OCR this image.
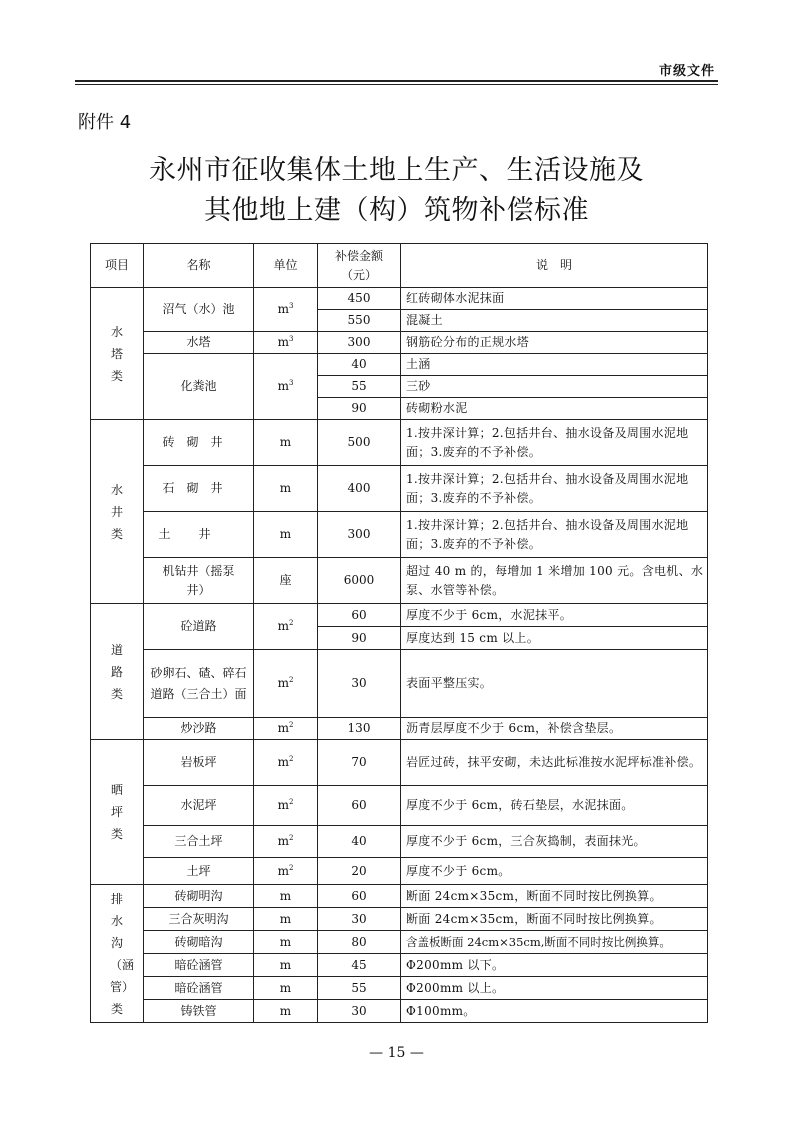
市级文件
附件 4
永州市征收集体土地上生产、生活设施及
其他地上建（构）筑物补偿标准
项目	名称	单位	补偿金额（元）	说　明
水塔类	沼气（水）池	$m^3$	450	红砖砌体水泥抹面
			550	混凝土
	水塔	$m^3$	300	钢筋砼分布的正规水塔
	化粪池	$m^3$	40	土涵
			55	三砂
			90	砖砌粉水泥
水井类	砖砌井	m	500	1.按井深计算；2.包括井台、抽水设备及周围水泥地面；3.废弃的不予补偿。
	石砌井	m	400	1.按井深计算；2.包括井台、抽水设备及周围水泥地面；3.废弃的不予补偿。
	土井	m	300	1.按井深计算；2.包括井台、抽水设备及周围水泥地面；3.废弃的不予补偿。
	机钻井（摇泵井）	座	6000	超过 40 m 的，每增加 1 米增加 100 元。含电机、水泵、水管等补偿。
道路类	砼道路	$m^2$	60	厚度不少于 6cm，水泥抹平。
			90	厚度达到 15 cm 以上。
	砂卵石、碴、碎石道路（三合土）面	$m^2$	30	表面平整压实。
	炒沙路	$m^2$	130	沥青层厚度不少于 6cm，补偿含垫层。
晒坪类	岩板坪	$m^2$	70	岩匠过砖，抹平安砌，未达此标准按水泥坪标准补偿。
	水泥坪	$m^2$	60	厚度不少于 6cm，砖石垫层，水泥抹面。
	三合土坪	$m^2$	40	厚度不少于 6cm，三合灰捣制，表面抹光。
	土坪	$m^2$	20	厚度不少于 6cm。
排水沟（涵管）类	砖砌明沟	m	60	断面 24cm×35cm，断面不同时按比例换算。
	三合灰明沟	m	30	断面 24cm×35cm，断面不同时按比例换算。
	砖砌暗沟	m	80	含盖板断面 24cm×35cm,断面不同时按比例换算。
	暗砼涵管	m	45	Φ200mm 以下。
	暗砼涵管	m	55	Φ200mm 以上。
	铸铁管	m	30	Φ100mm。
— 15 —
